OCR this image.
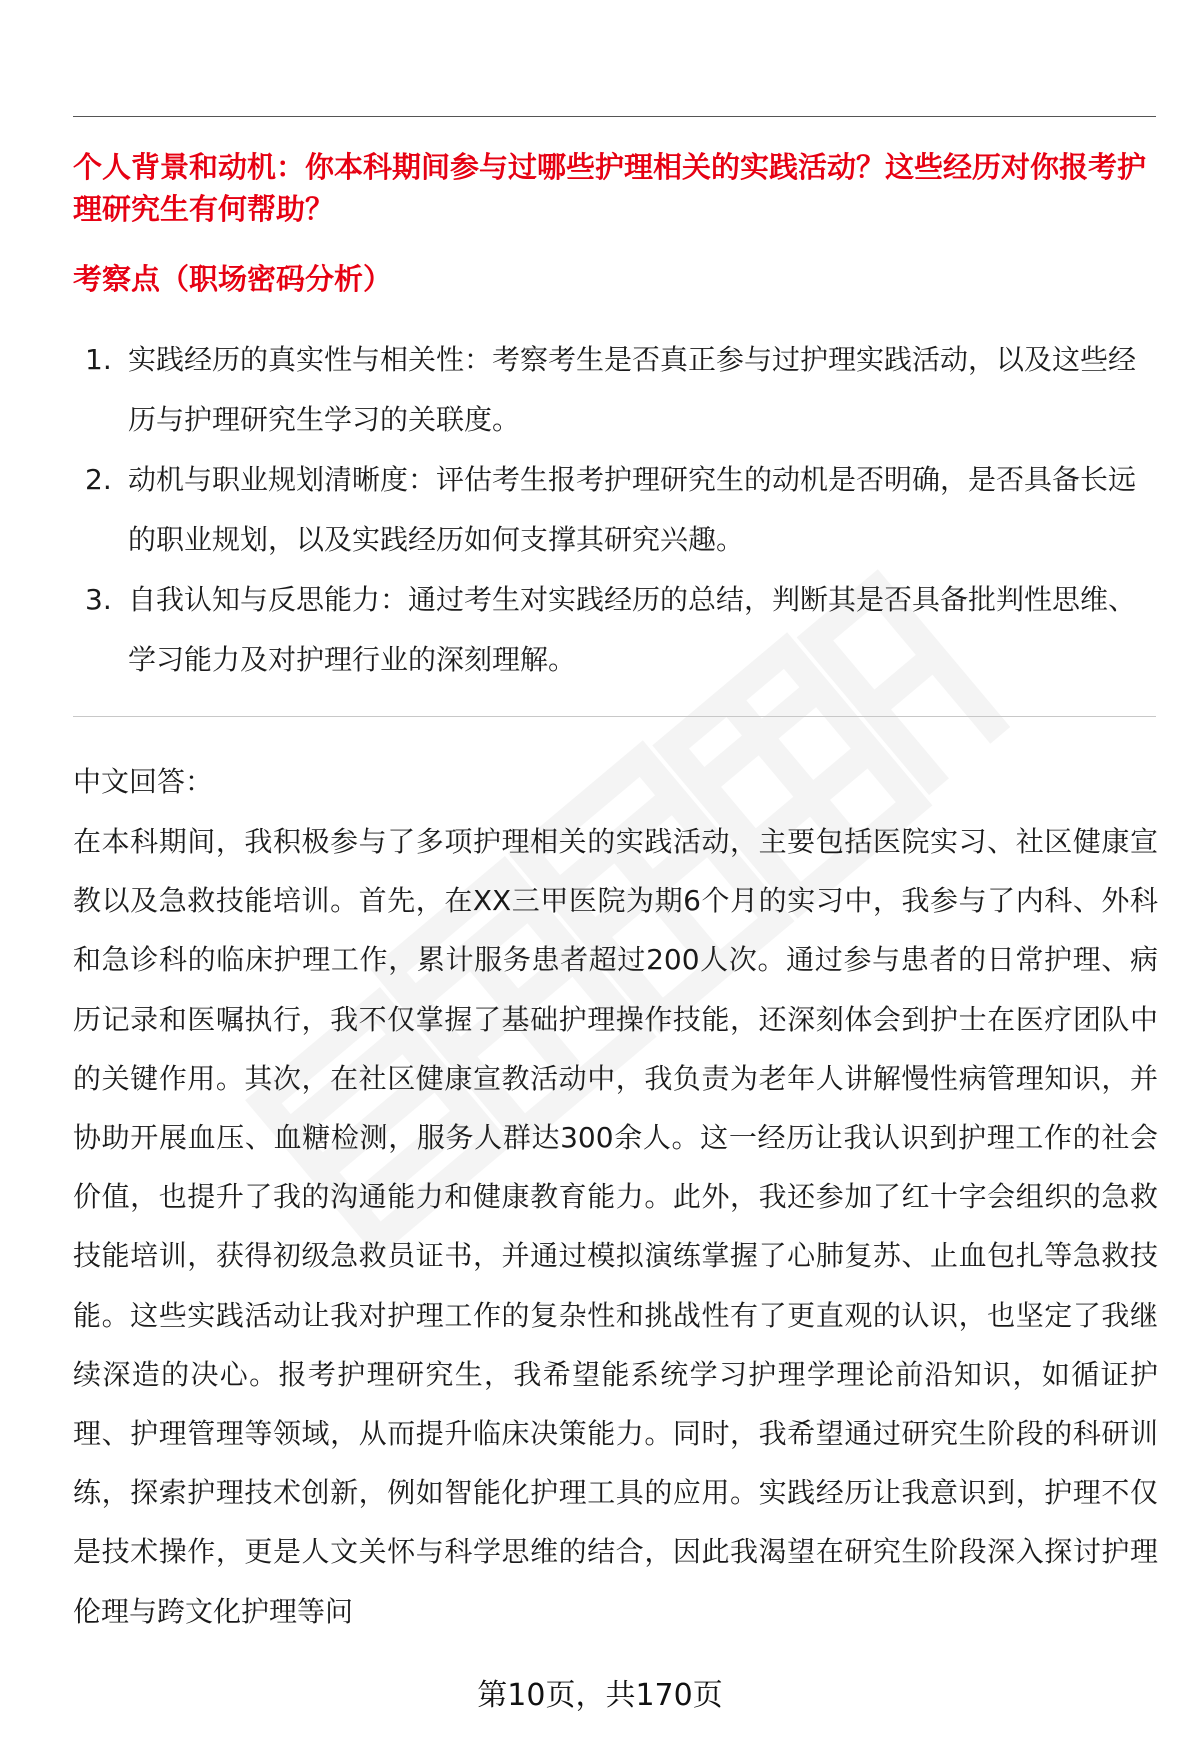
个人背景和动机：你本科期间参与过哪些护理相关的实践活动？这些经历对你报考护理研究生有何帮助？

考察点（职场密码分析）

1. 实践经历的真实性与相关性：考察考生是否真正参与过护理实践活动，以及这些经历与护理研究生学习的关联度。
2. 动机与职业规划清晰度：评估考生报考护理研究生的动机是否明确，是否具备长远的职业规划，以及实践经历如何支撑其研究兴趣。
3. 自我认知与反思能力：通过考生对实践经历的总结，判断其是否具备批判性思维、学习能力及对护理行业的深刻理解。

中文回答：

在本科期间，我积极参与了多项护理相关的实践活动，主要包括医院实习、社区健康宣教以及急救技能培训。首先，在XX三甲医院为期6个月的实习中，我参与了内科、外科和急诊科的临床护理工作，累计服务患者超过200人次。通过参与患者的日常护理、病历记录和医嘱执行，我不仅掌握了基础护理操作技能，还深刻体会到护士在医疗团队中的关键作用。其次，在社区健康宣教活动中，我负责为老年人讲解慢性病管理知识，并协助开展血压、血糖检测，服务人群达300余人。这一经历让我认识到护理工作的社会价值，也提升了我的沟通能力和健康教育能力。此外，我还参加了红十字会组织的急救技能培训，获得初级急救员证书，并通过模拟演练掌握了心肺复苏、止血包扎等急救技能。这些实践活动让我对护理工作的复杂性和挑战性有了更直观的认识，也坚定了我继续深造的决心。报考护理研究生，我希望能系统学习护理学理论前沿知识，如循证护理、护理管理等领域，从而提升临床决策能力。同时，我希望通过研究生阶段的科研训练，探索护理技术创新，例如智能化护理工具的应用。实践经历让我意识到，护理不仅是技术操作，更是人文关怀与科学思维的结合，因此我渴望在研究生阶段深入探讨护理伦理与跨文化护理等问

第10页，共170页
